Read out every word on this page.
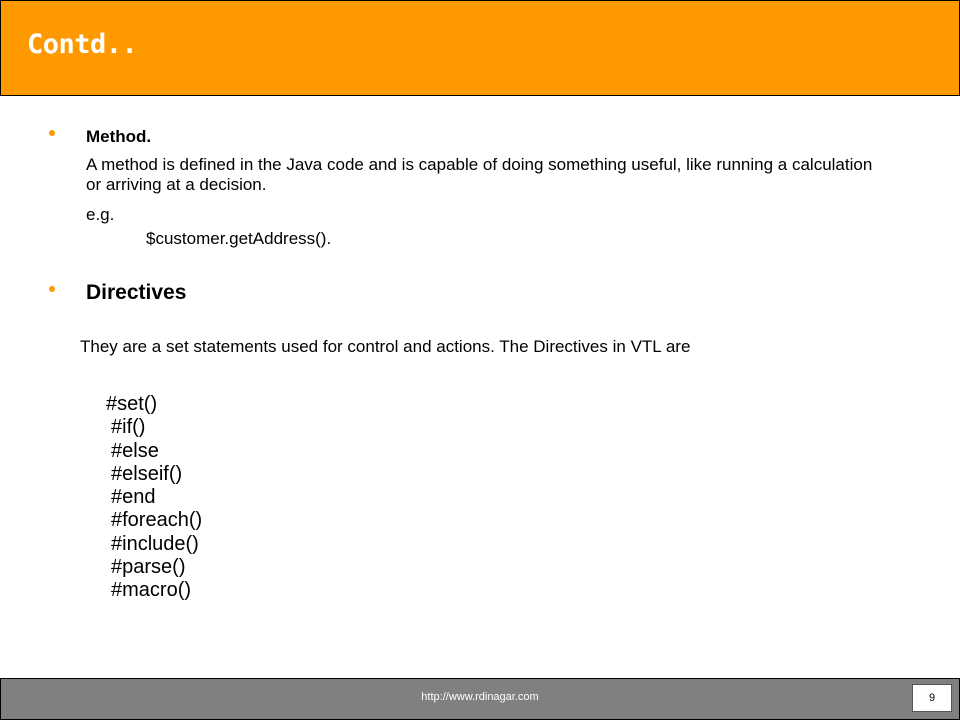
Contd..
Method.
A method is defined in the Java code and is capable of doing something useful, like running a calculation or arriving at a decision.
e.g.
$customer.getAddress().
Directives
They are a set statements used for control and actions. The Directives in VTL are
#set()
#if()
#else
#elseif()
#end
#foreach()
#include()
#parse()
#macro()
http://www.rdinagar.com	9
